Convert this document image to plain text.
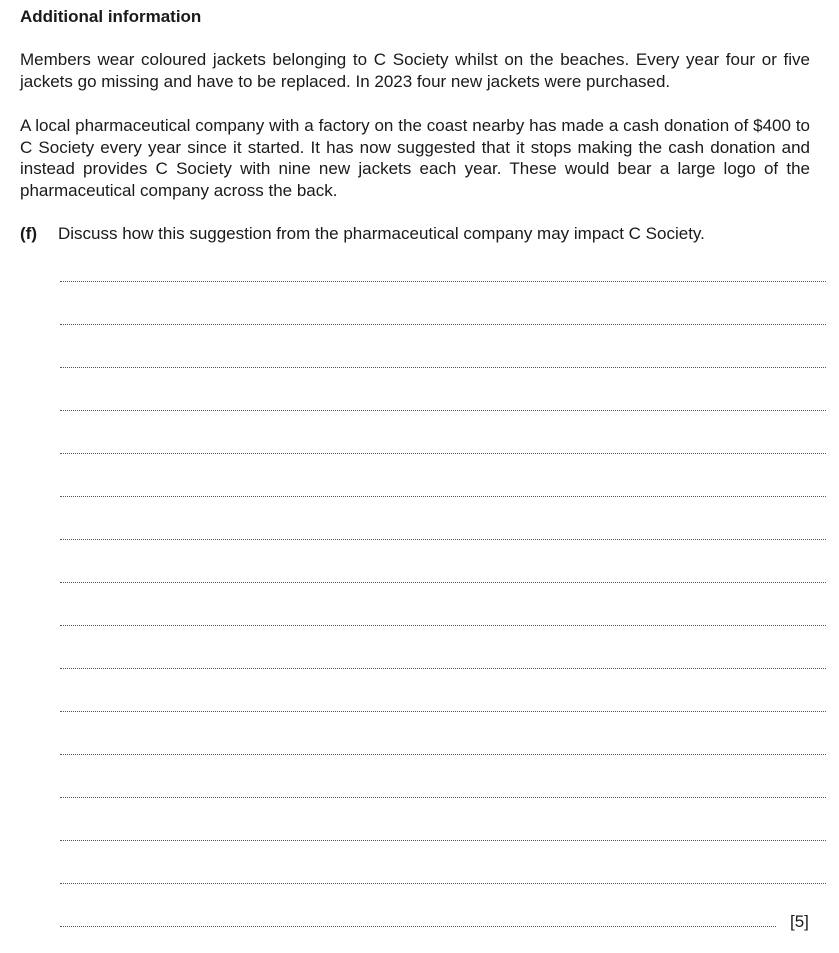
Additional information
Members wear coloured jackets belonging to C Society whilst on the beaches. Every year four or five jackets go missing and have to be replaced. In 2023 four new jackets were purchased.
A local pharmaceutical company with a factory on the coast nearby has made a cash donation of $400 to C Society every year since it started. It has now suggested that it stops making the cash donation and instead provides C Society with nine new jackets each year. These would bear a large logo of the pharmaceutical company across the back.
(f) Discuss how this suggestion from the pharmaceutical company may impact C Society.
[5]
